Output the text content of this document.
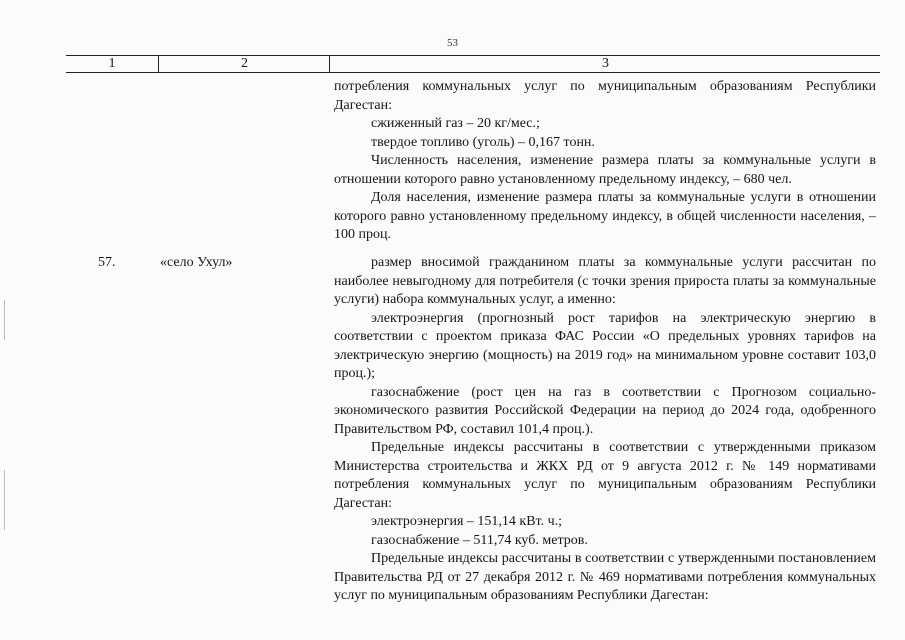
53
1	2	3

потребления коммунальных услуг по муниципальным образованиям Республики Дагестан:

сжиженный газ – 20 кг/мес.;

твердое топливо (уголь) – 0,167 тонн.

Численность населения, изменение размера платы за коммунальные услуги в отношении которого равно установленному предельному индексу, – 680 чел.

Доля населения, изменение размера платы за коммунальные услуги в отношении которого равно установленному предельному индексу, в общей численности населения, – 100 проц.

57.	«село Ухул»	размер вносимой гражданином платы за коммунальные услуги рассчитан по наиболее невыгодному для потребителя (с точки зрения прироста платы за коммунальные услуги) набора коммунальных услуг, а именно:

электроэнергия (прогнозный рост тарифов на электрическую энергию в соответствии с проектом приказа ФАС России «О предельных уровнях тарифов на электрическую энергию (мощность) на 2019 год» на минимальном уровне составит 103,0 проц.);

газоснабжение (рост цен на газ в соответствии с Прогнозом социально-экономического развития Российской Федерации на период до 2024 года, одобренного Правительством РФ, составил 101,4 проц.).

Предельные индексы рассчитаны в соответствии с утвержденными приказом Министерства строительства и ЖКХ РД от 9 августа 2012 г. № 149 нормативами потребления коммунальных услуг по муниципальным образованиям Республики Дагестан:

электроэнергия – 151,14 кВт. ч.;

газоснабжение – 511,74 куб. метров.

Предельные индексы рассчитаны в соответствии с утвержденными постановлением Правительства РД от 27 декабря 2012 г. № 469 нормативами потребления коммунальных услуг по муниципальным образованиям Республики Дагестан:
